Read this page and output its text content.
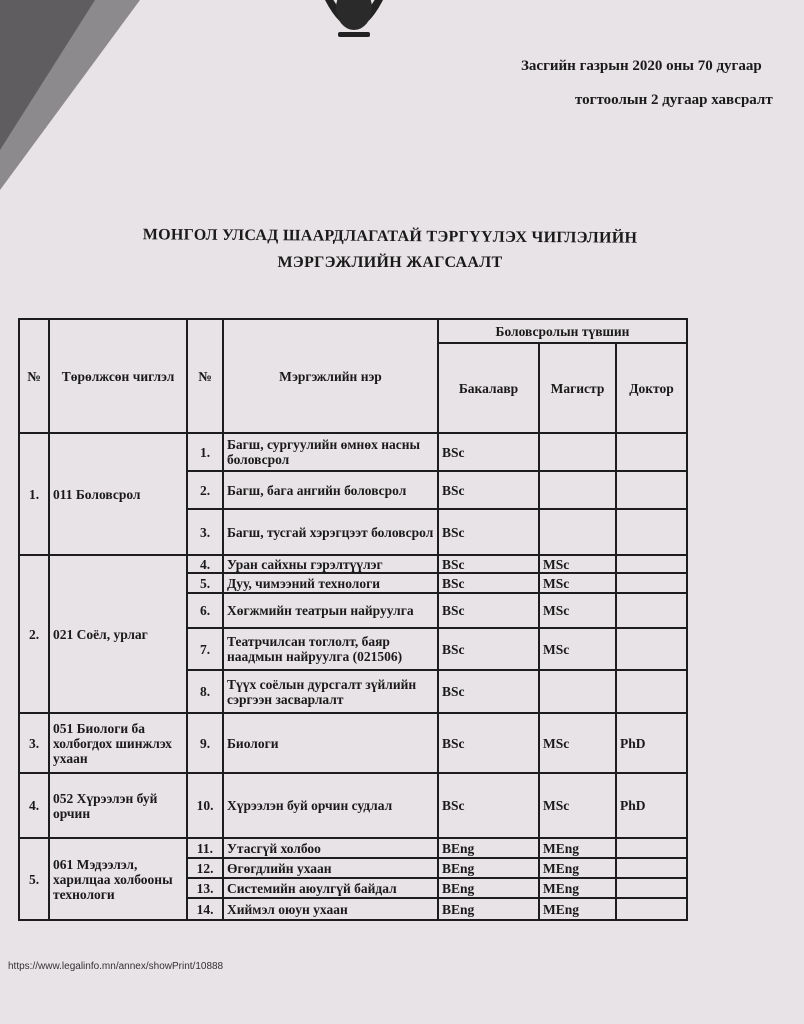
Засгийн газрын 2020 оны 70 дугаар
тогтоолын 2 дугаар хавсралт
МОНГОЛ УЛСАД ШААРДЛАГАТАЙ ТЭРГҮҮЛЭХ ЧИГЛЭЛИЙН
МЭРГЭЖЛИЙН ЖАГСААЛТ
№	Төрөлжсөн чиглэл	№	Мэргэжлийн нэр	Боловсролын түвшин		
				Бакалавр	Магистр	Доктор

1.	011 Боловсрол	1.	Багш, сургуулийн өмнөх насны боловсрол	BSc		
		2.	Багш, бага ангийн боловсрол	BSc		
		3.	Багш, тусгай хэрэгцээт боловсрол	BSc		
2.	021 Соёл, урлаг	4.	Уран сайхны гэрэлтүүлэг	BSc	MSc	
		5.	Дуу, чимээний технологи	BSc	MSc	
		6.	Хөгжмийн театрын найруулга	BSc	MSc	
		7.	Театрчилсан тоглолт, баяр наадмын найруулга (021506)	BSc	MSc	
		8.	Түүх соёлын дурсгалт зүйлийн сэргээн засварлалт	BSc		
3.	051 Биологи ба холбогдох шинжлэх ухаан	9.	Биологи	BSc	MSc	PhD
4.	052 Хүрээлэн буй орчин	10.	Хүрээлэн буй орчин судлал	BSc	MSc	PhD
5.	061 Мэдээлэл, харилцаа холбооны технологи	11.	Утасгүй холбоо	BEng	MEng	
		12.	Өгөгдлийн ухаан	BEng	MEng	
		13.	Системийн аюулгүй байдал	BEng	MEng	
		14.	Хиймэл оюун ухаан	BEng	MEng	
https://www.legalinfo.mn/annex/showPrint/10888
